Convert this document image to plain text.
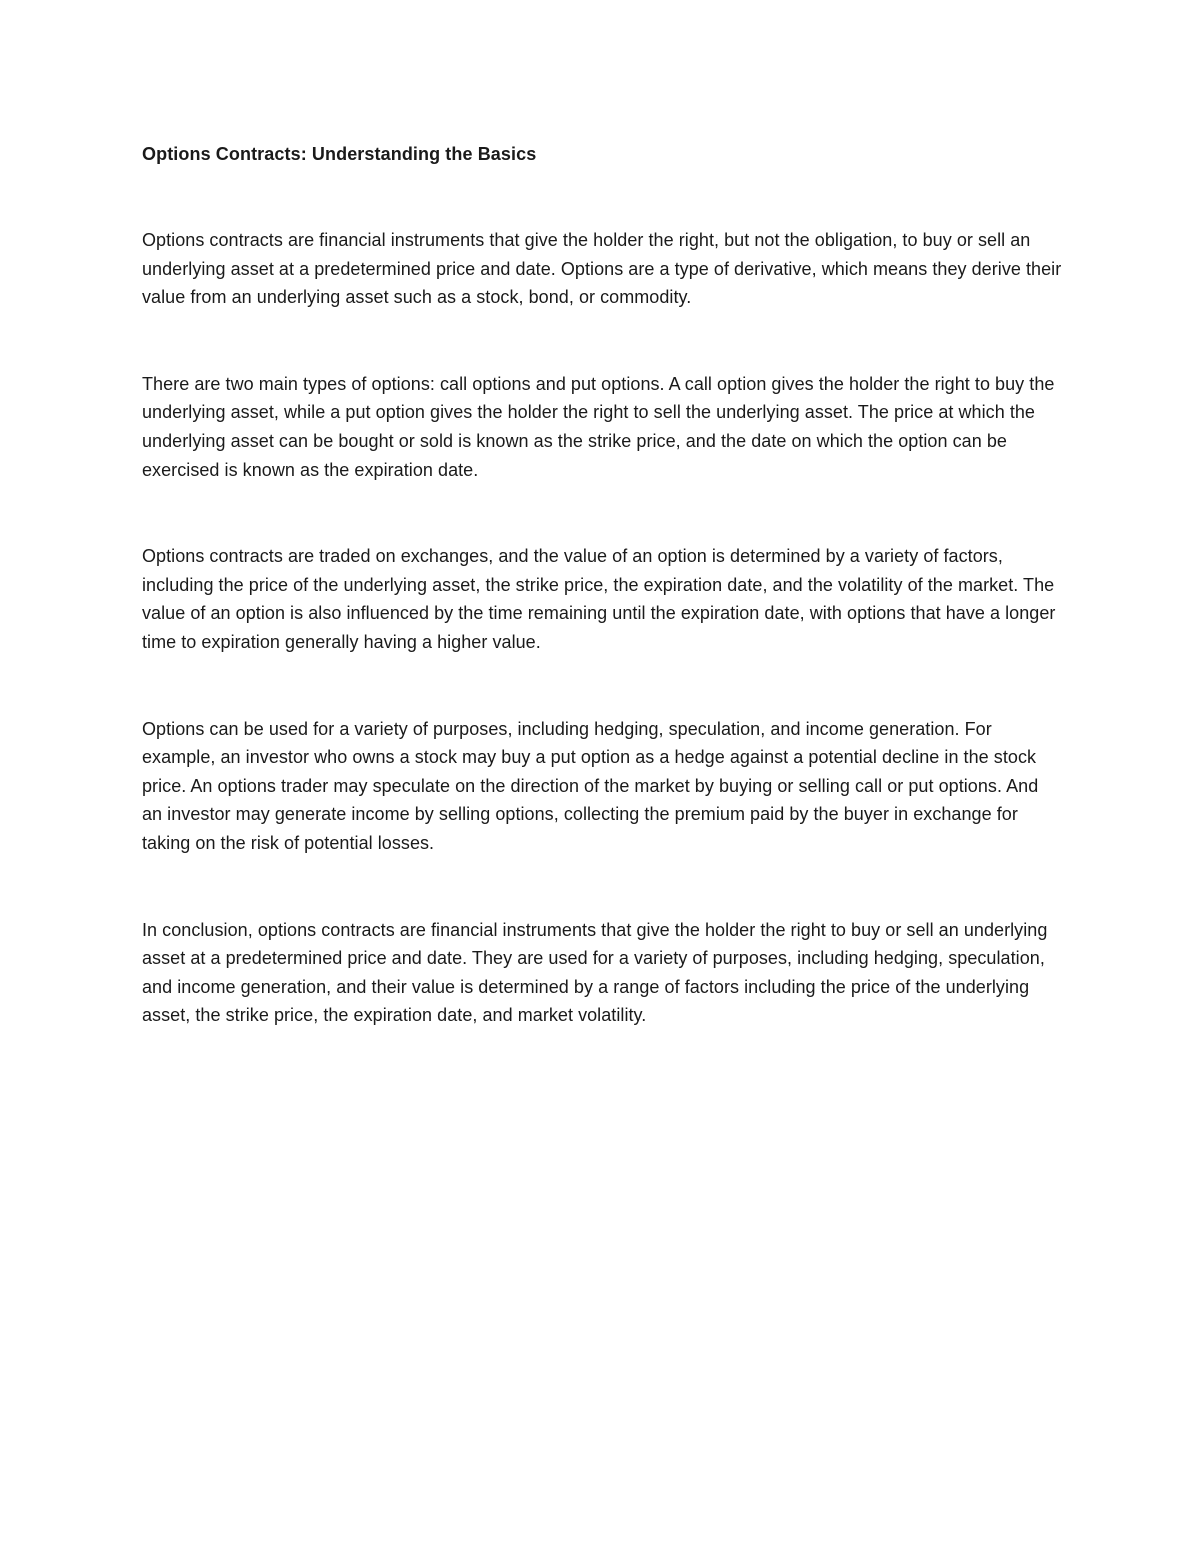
Options Contracts: Understanding the Basics

Options contracts are financial instruments that give the holder the right, but not the obligation, to buy or sell an underlying asset at a predetermined price and date. Options are a type of derivative, which means they derive their value from an underlying asset such as a stock, bond, or commodity.

There are two main types of options: call options and put options. A call option gives the holder the right to buy the underlying asset, while a put option gives the holder the right to sell the underlying asset. The price at which the underlying asset can be bought or sold is known as the strike price, and the date on which the option can be exercised is known as the expiration date.

Options contracts are traded on exchanges, and the value of an option is determined by a variety of factors, including the price of the underlying asset, the strike price, the expiration date, and the volatility of the market. The value of an option is also influenced by the time remaining until the expiration date, with options that have a longer time to expiration generally having a higher value.

Options can be used for a variety of purposes, including hedging, speculation, and income generation. For example, an investor who owns a stock may buy a put option as a hedge against a potential decline in the stock price. An options trader may speculate on the direction of the market by buying or selling call or put options. And an investor may generate income by selling options, collecting the premium paid by the buyer in exchange for taking on the risk of potential losses.

In conclusion, options contracts are financial instruments that give the holder the right to buy or sell an underlying asset at a predetermined price and date. They are used for a variety of purposes, including hedging, speculation, and income generation, and their value is determined by a range of factors including the price of the underlying asset, the strike price, the expiration date, and market volatility.
